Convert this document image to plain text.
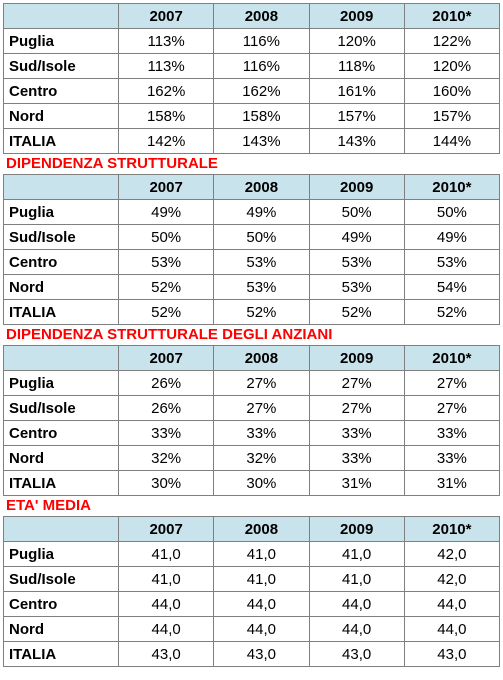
	2007	2008	2009	2010*
Puglia	113%	116%	120%	122%
Sud/Isole	113%	116%	118%	120%
Centro	162%	162%	161%	160%
Nord	158%	158%	157%	157%
ITALIA	142%	143%	143%	144%
DIPENDENZA STRUTTURALE
	2007	2008	2009	2010*
Puglia	49%	49%	50%	50%
Sud/Isole	50%	50%	49%	49%
Centro	53%	53%	53%	53%
Nord	52%	53%	53%	54%
ITALIA	52%	52%	52%	52%
DIPENDENZA STRUTTURALE DEGLI ANZIANI
	2007	2008	2009	2010*
Puglia	26%	27%	27%	27%
Sud/Isole	26%	27%	27%	27%
Centro	33%	33%	33%	33%
Nord	32%	32%	33%	33%
ITALIA	30%	30%	31%	31%
ETA' MEDIA
	2007	2008	2009	2010*
Puglia	41,0	41,0	41,0	42,0
Sud/Isole	41,0	41,0	41,0	42,0
Centro	44,0	44,0	44,0	44,0
Nord	44,0	44,0	44,0	44,0
ITALIA	43,0	43,0	43,0	43,0
